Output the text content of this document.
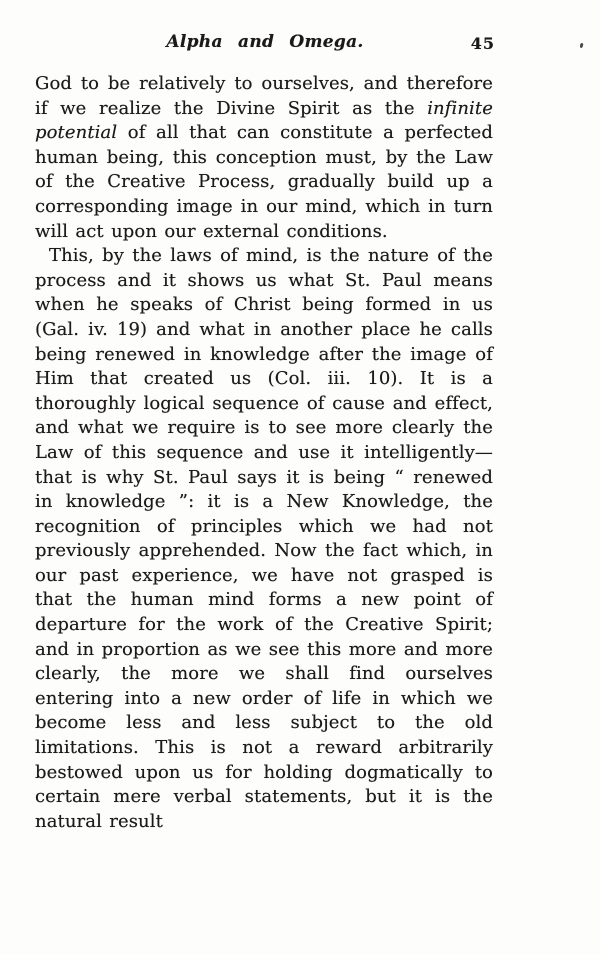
Alpha and Omega.	45

God to be relatively to ourselves, and therefore if we realize the Divine Spirit as the infinite potential of all that can constitute a perfected human being, this conception must, by the Law of the Creative Process, gradually build up a corresponding image in our mind, which in turn will act upon our external conditions.

This, by the laws of mind, is the nature of the process and it shows us what St. Paul means when he speaks of Christ being formed in us (Gal. iv. 19) and what in another place he calls being renewed in knowledge after the image of Him that created us (Col. iii. 10). It is a thoroughly logical sequence of cause and effect, and what we require is to see more clearly the Law of this sequence and use it intelligently—that is why St. Paul says it is being “ renewed in knowledge ”: it is a New Knowledge, the recognition of principles which we had not previously apprehended. Now the fact which, in our past experience, we have not grasped is that the human mind forms a new point of departure for the work of the Creative Spirit; and in proportion as we see this more and more clearly, the more we shall find ourselves entering into a new order of life in which we become less and less subject to the old limitations. This is not a reward arbitrarily bestowed upon us for holding dogmatically to certain mere verbal statements, but it is the natural result
